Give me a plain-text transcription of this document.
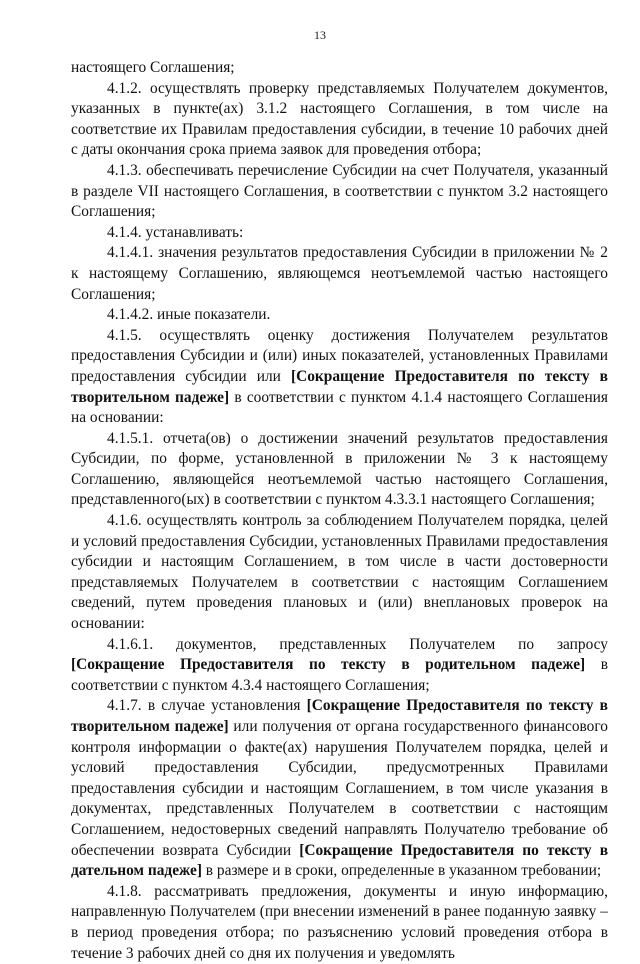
13

настоящего Соглашения;

4.1.2. осуществлять проверку представляемых Получателем документов, указанных в пункте(ах) 3.1.2 настоящего Соглашения, в том числе на соответствие их Правилам предоставления субсидии, в течение 10 рабочих дней с даты окончания срока приема заявок для проведения отбора;

4.1.3. обеспечивать перечисление Субсидии на счет Получателя, указанный в разделе VII настоящего Соглашения, в соответствии с пунктом 3.2 настоящего Соглашения;

4.1.4. устанавливать:

4.1.4.1. значения результатов предоставления Субсидии в приложении № 2 к настоящему Соглашению, являющемся неотъемлемой частью настоящего Соглашения;

4.1.4.2. иные показатели.

4.1.5. осуществлять оценку достижения Получателем результатов предоставления Субсидии и (или) иных показателей, установленных Правилами предоставления субсидии или [Сокращение Предоставителя по тексту в творительном падеже] в соответствии с пунктом 4.1.4 настоящего Соглашения на основании:

4.1.5.1. отчета(ов) о достижении значений результатов предоставления Субсидии, по форме, установленной в приложении № 3 к настоящему Соглашению, являющейся неотъемлемой частью настоящего Соглашения, представленного(ых) в соответствии с пунктом 4.3.3.1 настоящего Соглашения;

4.1.6. осуществлять контроль за соблюдением Получателем порядка, целей и условий предоставления Субсидии, установленных Правилами предоставления субсидии и настоящим Соглашением, в том числе в части достоверности представляемых Получателем в соответствии с настоящим Соглашением сведений, путем проведения плановых и (или) внеплановых проверок на основании:

4.1.6.1. документов, представленных Получателем по запросу [Сокращение Предоставителя по тексту в родительном падеже] в соответствии с пунктом 4.3.4 настоящего Соглашения;

4.1.7. в случае установления [Сокращение Предоставителя по тексту в творительном падеже] или получения от органа государственного финансового контроля информации о факте(ах) нарушения Получателем порядка, целей и условий предоставления Субсидии, предусмотренных Правилами предоставления субсидии и настоящим Соглашением, в том числе указания в документах, представленных Получателем в соответствии с настоящим Соглашением, недостоверных сведений направлять Получателю требование об обеспечении возврата Субсидии [Сокращение Предоставителя по тексту в дательном падеже] в размере и в сроки, определенные в указанном требовании;

4.1.8. рассматривать предложения, документы и иную информацию, направленную Получателем (при внесении изменений в ранее поданную заявку – в период проведения отбора; по разъяснению условий проведения отбора в течение 3 рабочих дней со дня их получения и уведомлять
